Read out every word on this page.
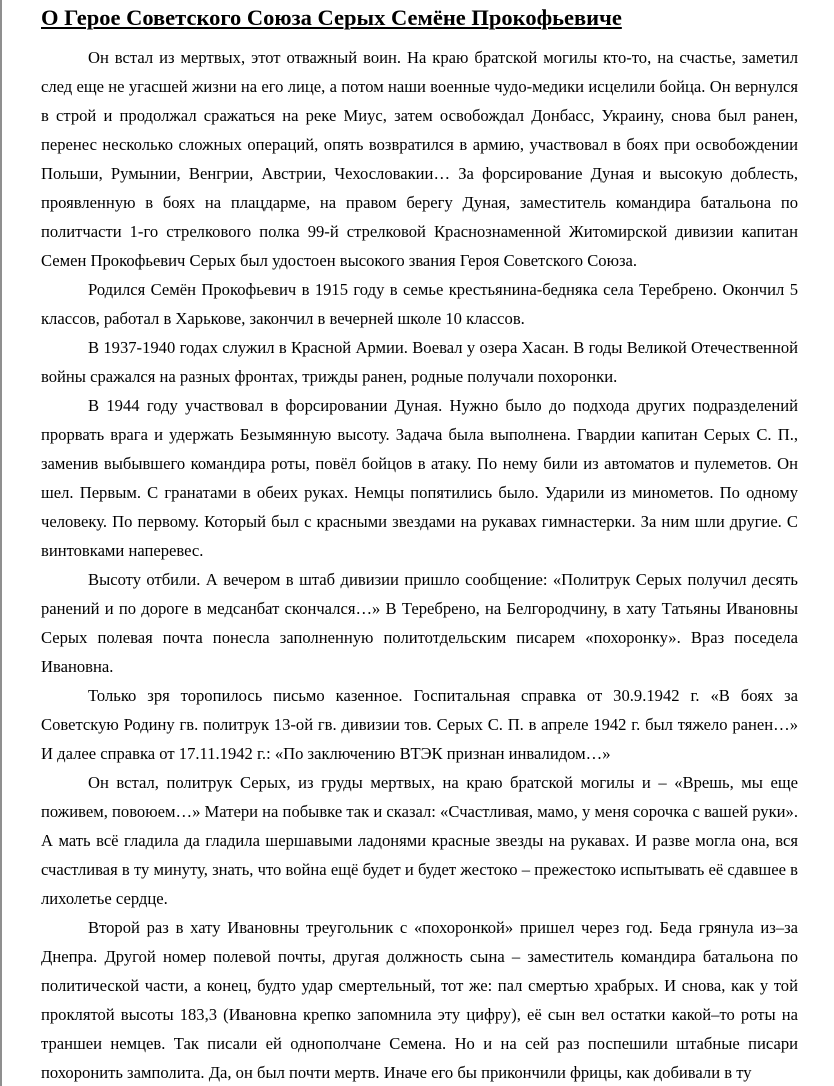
О Герое Советского Союза Серых Семёне Прокофьевиче

Он встал из мертвых, этот отважный воин. На краю братской могилы кто-то, на счастье, заметил след еще не угасшей жизни на его лице, а потом наши военные чудо-медики исцелили бойца. Он вернулся в строй и продолжал сражаться на реке Миус, затем освобождал Донбасс, Украину, снова был ранен, перенес несколько сложных операций, опять возвратился в армию, участвовал в боях при освобождении Польши, Румынии, Венгрии, Австрии, Чехословакии… За форсирование Дуная и высокую доблесть, проявленную в боях на плацдарме, на правом берегу Дуная, заместитель командира батальона по политчасти 1-го стрелкового полка 99-й стрелковой Краснознаменной Житомирской дивизии капитан Семен Прокофьевич Серых был удостоен высокого звания Героя Советского Союза.

Родился Семён Прокофьевич в 1915 году в семье крестьянина-бедняка села Теребрено. Окончил 5 классов, работал в Харькове, закончил в вечерней школе 10 классов.

В 1937-1940 годах служил в Красной Армии. Воевал у озера Хасан. В годы Великой Отечественной войны сражался на разных фронтах, трижды ранен, родные получали похоронки.

В 1944 году участвовал в форсировании Дуная. Нужно было до подхода других подразделений прорвать врага и удержать Безымянную высоту. Задача была выполнена. Гвардии капитан Серых С. П., заменив выбывшего командира роты, повёл бойцов в атаку. По нему били из автоматов и пулеметов. Он шел. Первым. С гранатами в обеих руках. Немцы попятились было. Ударили из минометов. По одному человеку. По первому. Который был с красными звездами на рукавах гимнастерки. За ним шли другие. С винтовками наперевес.

Высоту отбили. А вечером в штаб дивизии пришло сообщение: «Политрук Серых получил десять ранений и по дороге в медсанбат скончался…» В Теребрено, на Белгородчину, в хату Татьяны Ивановны Серых полевая почта понесла заполненную политотдельским писарем «похоронку». Враз поседела Ивановна.

Только зря торопилось письмо казенное. Госпитальная справка от 30.9.1942 г. «В боях за Советскую Родину гв. политрук 13-ой гв. дивизии тов. Серых С. П. в апреле 1942 г. был тяжело ранен…» И далее справка от 17.11.1942 г.: «По заключению ВТЭК признан инвалидом…»

Он встал, политрук Серых, из груды мертвых, на краю братской могилы и – «Врешь, мы еще поживем, повоюем…» Матери на побывке так и сказал: «Счастливая, мамо, у меня сорочка с вашей руки». А мать всё гладила да гладила шершавыми ладонями красные звезды на рукавах. И разве могла она, вся счастливая в ту минуту, знать, что война ещё будет и будет жестоко – прежестоко испытывать её сдавшее в лихолетье сердце.

Второй раз в хату Ивановны треугольник с «похоронкой» пришел через год. Беда грянула из–за Днепра. Другой номер полевой почты, другая должность сына – заместитель командира батальона по политической части, а конец, будто удар смертельный, тот же: пал смертью храбрых. И снова, как у той проклятой высоты 183,3 (Ивановна крепко запомнила эту цифру), её сын вел остатки какой–то роты на траншеи немцев. Так писали ей однополчане Семена. Но и на сей раз поспешили штабные писари похоронить замполита. Да, он был почти мертв. Иначе его бы прикончили фрицы, как добивали в ту
